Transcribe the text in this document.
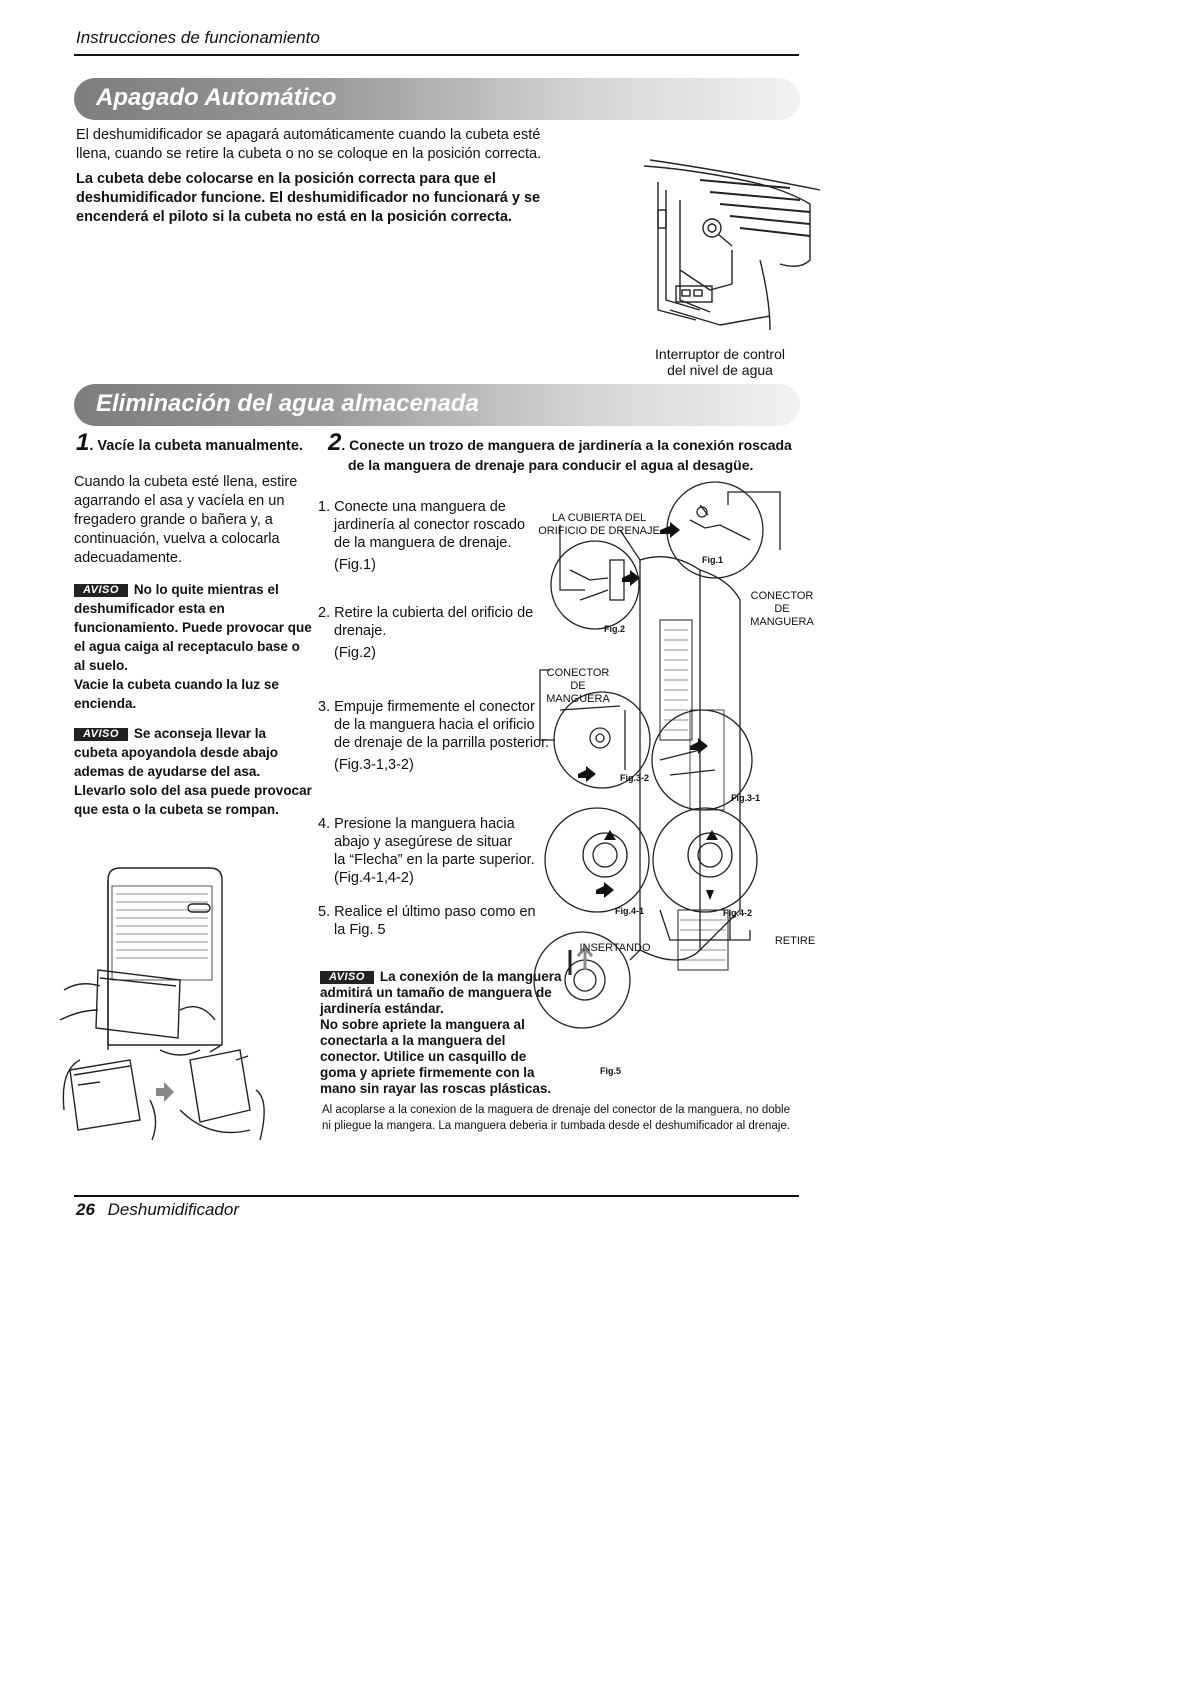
Instrucciones de funcionamiento
Apagado Automático
El deshumidificador se apagará automáticamente cuando la cubeta esté
llena, cuando se retire la cubeta o no se coloque en la posición correcta.
La cubeta debe colocarse en la posición correcta para que el
deshumidificador funcione. El deshumidificador no funcionará y se
encenderá el piloto si la cubeta no está en la posición correcta.
Interruptor de control
del nivel de agua
Eliminación del agua almacenada
1. Vacíe la cubeta manualmente.
Cuando la cubeta esté llena, estire
agarrando el asa y vacíela en un
fregadero grande o bañera y, a
continuación, vuelva a colocarla
adecuadamente.
AVISO No lo quite mientras el
deshumificador esta en
funcionamiento. Puede provocar que
el agua caiga al receptaculo base o
al suelo.
Vacie la cubeta cuando la luz se
encienda.
AVISO Se aconseja llevar la
cubeta apoyandola desde abajo
ademas de ayudarse del asa.
Llevarlo solo del asa puede provocar
que esta o la cubeta se rompan.
2. Conecte un trozo de manguera de jardinería a la conexión roscada
de la manguera de drenaje para conducir el agua al desagüe.
1. Conecte una manguera de
jardinería al conector roscado
de la manguera de drenaje.
(Fig.1)
2. Retire la cubierta del orificio de
drenaje.
(Fig.2)
3. Empuje firmemente el conector
de la manguera hacia el orificio
de drenaje de la parrilla posterior.
(Fig.3-1,3-2)
4. Presione la manguera hacia
abajo y asegúrese de situar
la “Flecha” en la parte superior.
(Fig.4-1,4-2)
5. Realice el último paso como en
la Fig. 5
AVISO La conexión de la manguera
admitirá un tamaño de manguera de
jardinería estándar.
No sobre apriete la manguera al
conectarla a la manguera del
conector. Utilice un casquillo de
goma y apriete firmemente con la
mano sin rayar las roscas plásticas.
Al acoplarse a la conexion de la maguera de drenaje del conector de la manguera, no doble
ni pliegue la mangera. La manguera deberia ir tumbada desde el deshumificador al drenaje.
LA CUBIERTA DEL
ORIFICIO DE DRENAJE
CONECTOR DE
MANGUERA
CONECTOR DE
MANGUERA
INSERTANDO
RETIRE
Fig.1
Fig.2
Fig.3-1
Fig.3-2
Fig.4-1	Fig.4-2
Fig.5
26 Deshumidificador
